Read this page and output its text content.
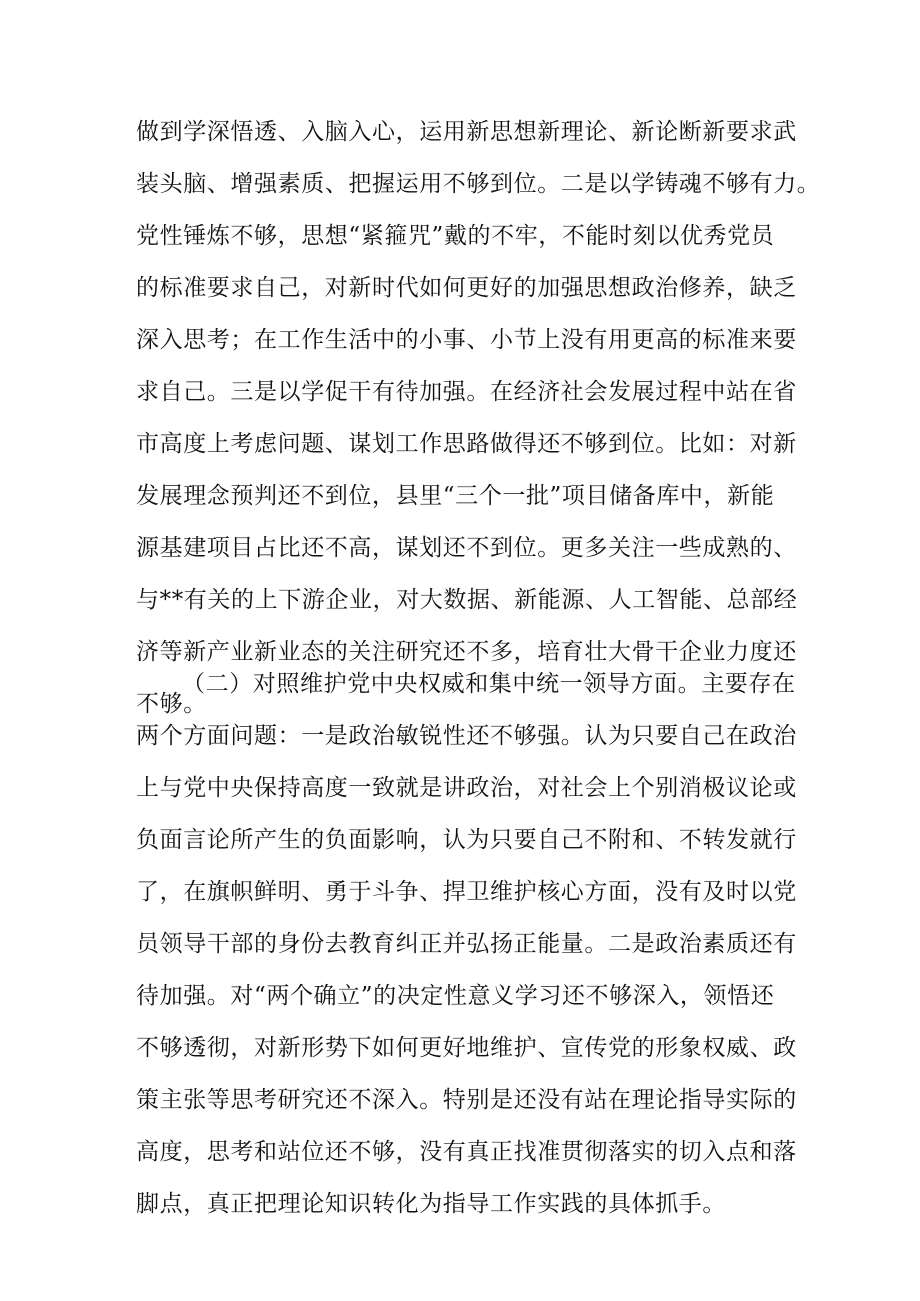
做到学深悟透、入脑入心，运用新思想新理论、新论断新要求武
装头脑、增强素质、把握运用不够到位。二是以学铸魂不够有力。
党性锤炼不够，思想“紧箍咒”戴的不牢，不能时刻以优秀党员
的标准要求自己，对新时代如何更好的加强思想政治修养，缺乏
深入思考；在工作生活中的小事、小节上没有用更高的标准来要
求自己。三是以学促干有待加强。在经济社会发展过程中站在省
市高度上考虑问题、谋划工作思路做得还不够到位。比如：对新
发展理念预判还不到位，县里“三个一批”项目储备库中，新能
源基建项目占比还不高，谋划还不到位。更多关注一些成熟的、
与**有关的上下游企业，对大数据、新能源、人工智能、总部经
济等新产业新业态的关注研究还不多，培育壮大骨干企业力度还
不够。
（二）对照维护党中央权威和集中统一领导方面。主要存在
两个方面问题：一是政治敏锐性还不够强。认为只要自己在政治
上与党中央保持高度一致就是讲政治，对社会上个别消极议论或
负面言论所产生的负面影响，认为只要自己不附和、不转发就行
了，在旗帜鲜明、勇于斗争、捍卫维护核心方面，没有及时以党
员领导干部的身份去教育纠正并弘扬正能量。二是政治素质还有
待加强。对“两个确立”的决定性意义学习还不够深入，领悟还
不够透彻，对新形势下如何更好地维护、宣传党的形象权威、政
策主张等思考研究还不深入。特别是还没有站在理论指导实际的
高度，思考和站位还不够，没有真正找准贯彻落实的切入点和落
脚点，真正把理论知识转化为指导工作实践的具体抓手。
